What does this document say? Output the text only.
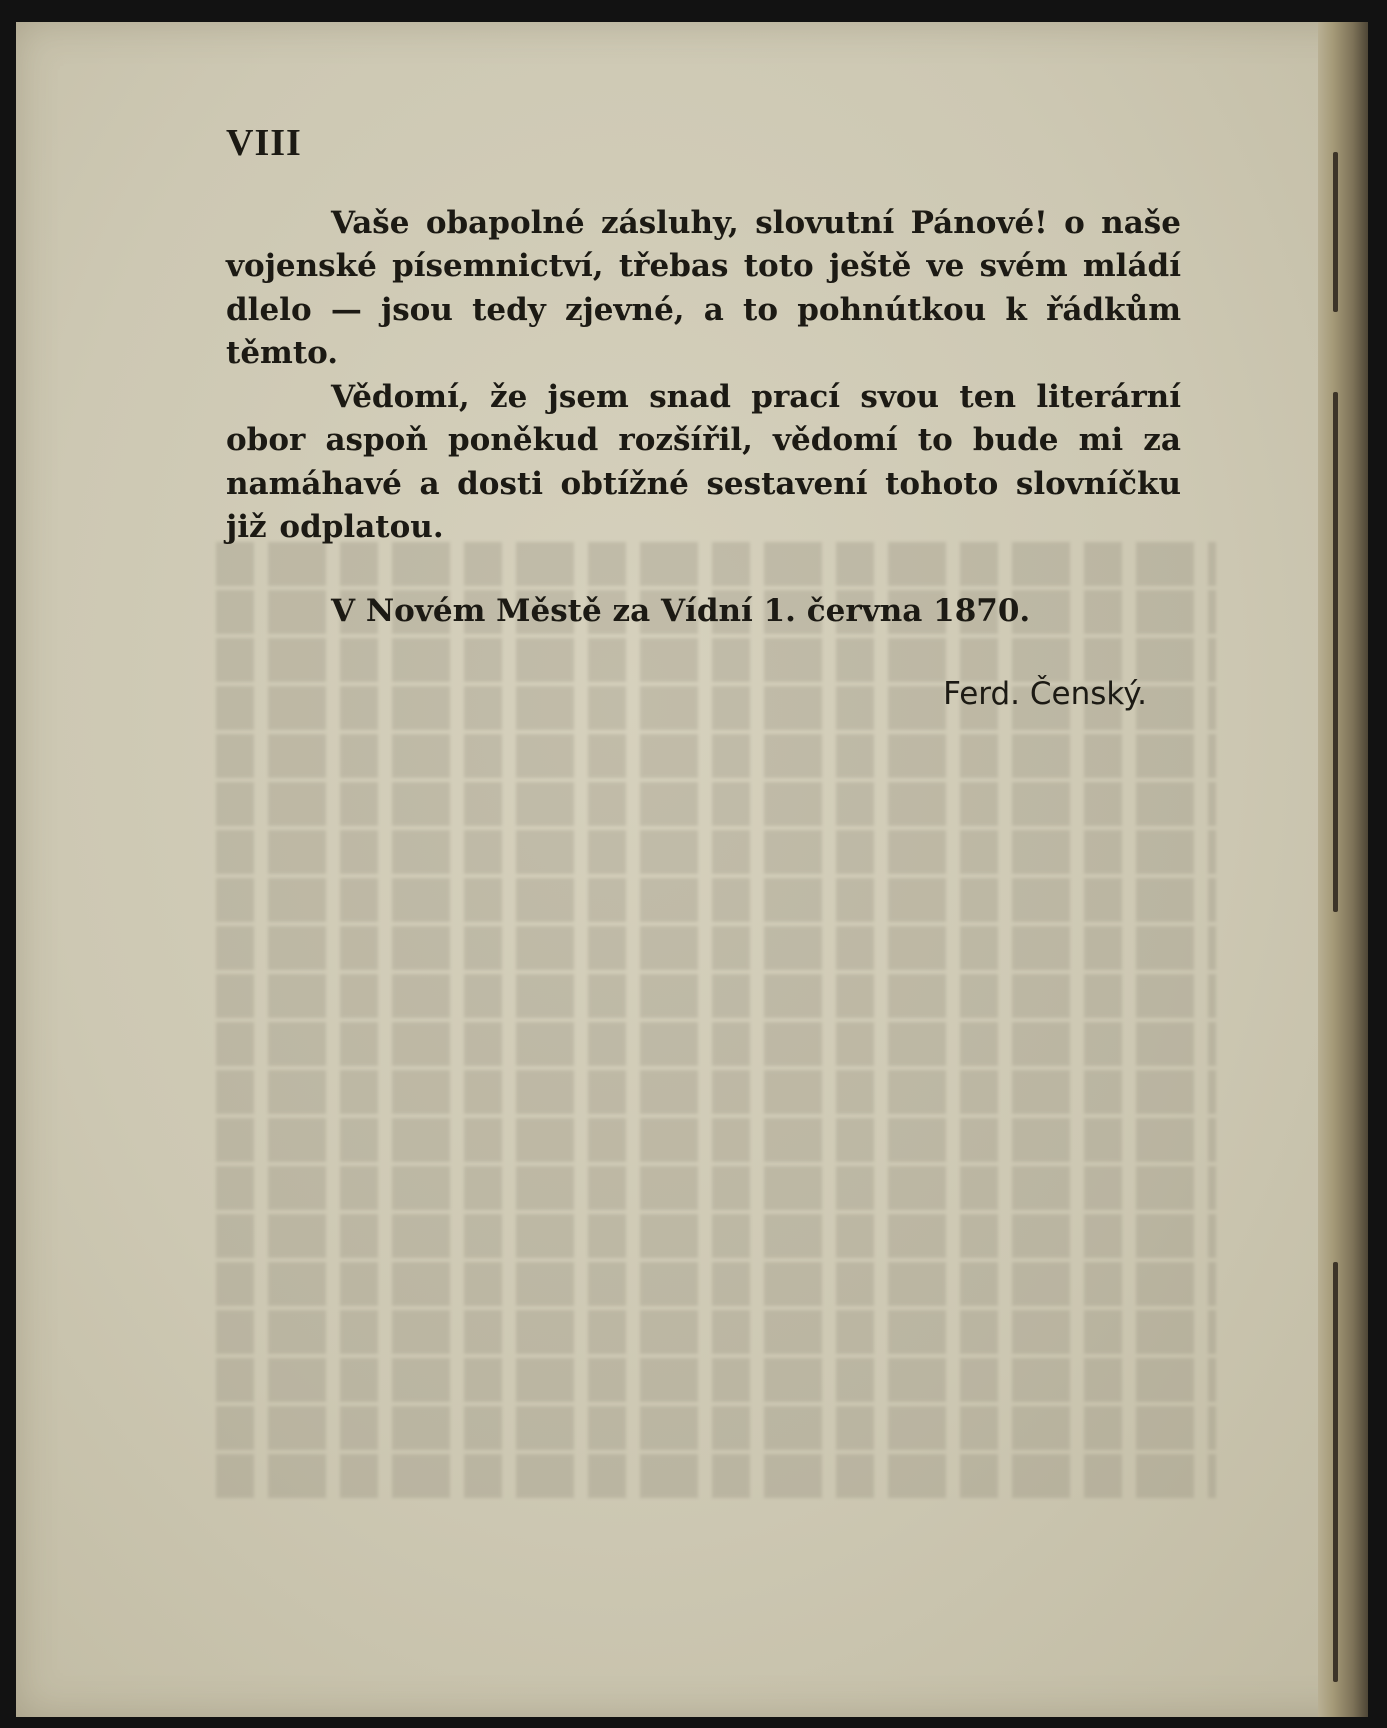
VIII

Vaše obapolné zásluhy, slovutní Pánové! o naše vojenské písemnictví, třebas toto ještě ve svém mládí dlelo — jsou tedy zjevné, a to pohnútkou k řádkům těmto.

Vědomí, že jsem snad prací svou ten literární obor aspoň poněkud rozšířil, vědomí to bude mi za namáhavé a dosti obtížné sestavení tohoto slovníčku již odplatou.

V Novém Městě za Vídní 1. června 1870.
Ferd. Čenský.
